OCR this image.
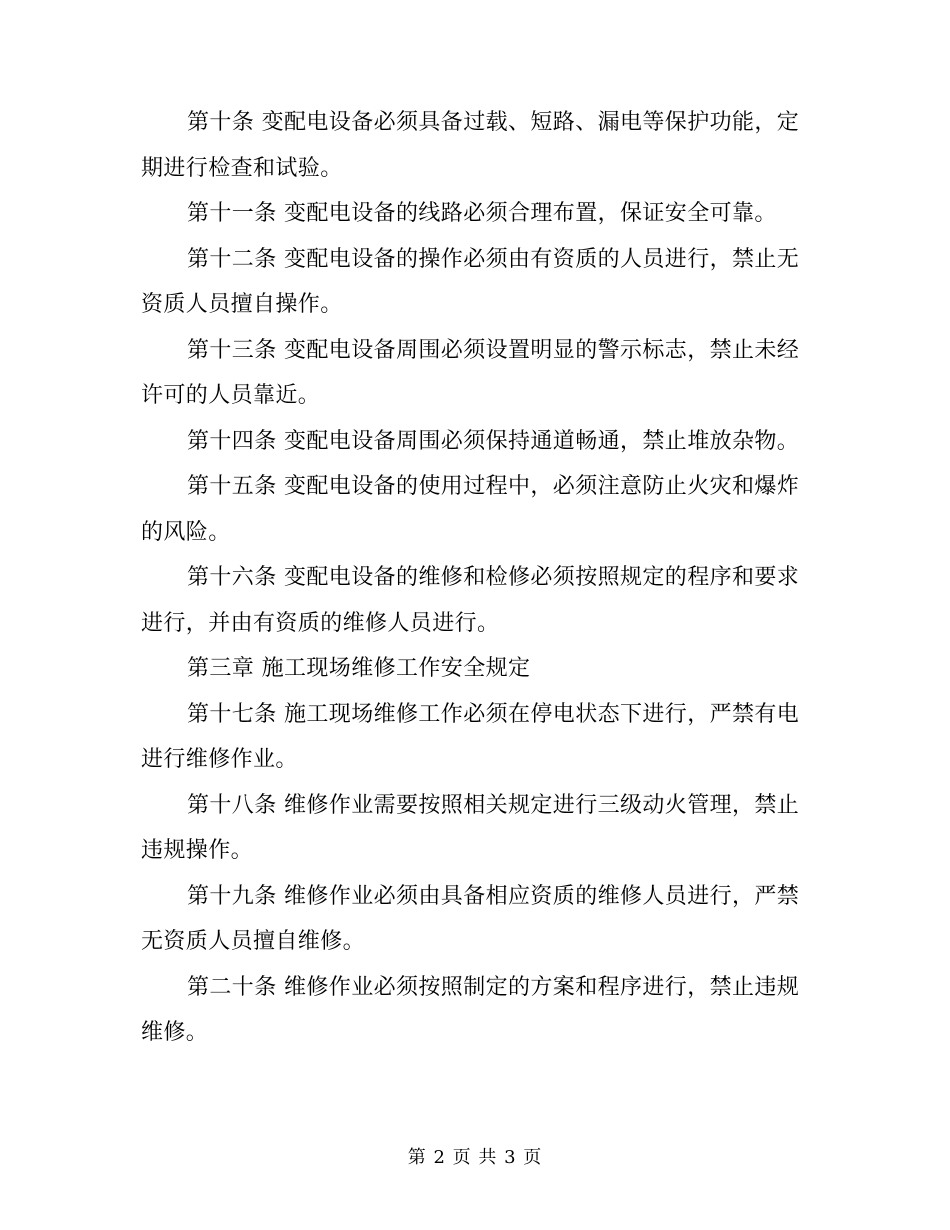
第十条 变配电设备必须具备过载、短路、漏电等保护功能，定期进行检查和试验。

第十一条 变配电设备的线路必须合理布置，保证安全可靠。

第十二条 变配电设备的操作必须由有资质的人员进行，禁止无资质人员擅自操作。

第十三条 变配电设备周围必须设置明显的警示标志，禁止未经许可的人员靠近。

第十四条 变配电设备周围必须保持通道畅通，禁止堆放杂物。

第十五条 变配电设备的使用过程中，必须注意防止火灾和爆炸的风险。

第十六条 变配电设备的维修和检修必须按照规定的程序和要求进行，并由有资质的维修人员进行。

第三章 施工现场维修工作安全规定

第十七条 施工现场维修工作必须在停电状态下进行，严禁有电进行维修作业。

第十八条 维修作业需要按照相关规定进行三级动火管理，禁止违规操作。

第十九条 维修作业必须由具备相应资质的维修人员进行，严禁无资质人员擅自维修。

第二十条 维修作业必须按照制定的方案和程序进行，禁止违规维修。

第 2 页 共 3 页
